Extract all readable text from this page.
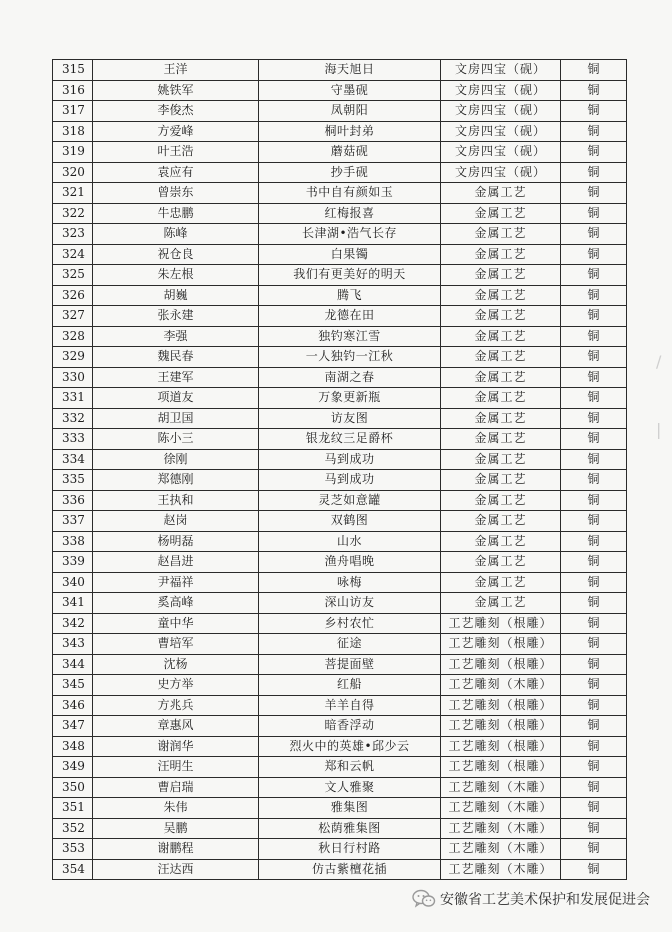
315	王洋	海天旭日	文房四宝（砚）	铜
316	姚铁军	守墨砚	文房四宝（砚）	铜
317	李俊杰	凤朝阳	文房四宝（砚）	铜
318	方爱峰	桐叶封弟	文房四宝（砚）	铜
319	叶王浩	蘑菇砚	文房四宝（砚）	铜
320	袁应有	抄手砚	文房四宝（砚）	铜
321	曾崇东	书中自有颜如玉	金属工艺	铜
322	牛忠鹏	红梅报喜	金属工艺	铜
323	陈峰	长津湖•浩气长存	金属工艺	铜
324	祝仓良	白果镯	金属工艺	铜
325	朱左根	我们有更美好的明天	金属工艺	铜
326	胡巍	腾飞	金属工艺	铜
327	张永建	龙德在田	金属工艺	铜
328	李强	独钓寒江雪	金属工艺	铜
329	魏民春	一人独钓一江秋	金属工艺	铜
330	王建军	南湖之春	金属工艺	铜
331	项道友	万象更新瓶	金属工艺	铜
332	胡卫国	访友图	金属工艺	铜
333	陈小三	银龙纹三足爵杯	金属工艺	铜
334	徐刚	马到成功	金属工艺	铜
335	郑德刚	马到成功	金属工艺	铜
336	王执和	灵芝如意罐	金属工艺	铜
337	赵岗	双鹤图	金属工艺	铜
338	杨明磊	山水	金属工艺	铜
339	赵昌进	渔舟唱晚	金属工艺	铜
340	尹福祥	咏梅	金属工艺	铜
341	奚高峰	深山访友	金属工艺	铜
342	童中华	乡村农忙	工艺雕刻（根雕）	铜
343	曹培军	征途	工艺雕刻（根雕）	铜
344	沈杨	菩提面壁	工艺雕刻（根雕）	铜
345	史方举	红船	工艺雕刻（木雕）	铜
346	方兆兵	羊羊自得	工艺雕刻（根雕）	铜
347	章惠风	暗香浮动	工艺雕刻（根雕）	铜
348	谢润华	烈火中的英雄•邱少云	工艺雕刻（根雕）	铜
349	汪明生	郑和云帆	工艺雕刻（根雕）	铜
350	曹启瑞	文人雅聚	工艺雕刻（木雕）	铜
351	朱伟	雅集图	工艺雕刻（木雕）	铜
352	吴鹏	松荫雅集图	工艺雕刻（木雕）	铜
353	谢鹏程	秋日行村路	工艺雕刻（木雕）	铜
354	汪达西	仿古紫檀花插	工艺雕刻（木雕）	铜
/
|
安徽省工艺美术保护和发展促进会
